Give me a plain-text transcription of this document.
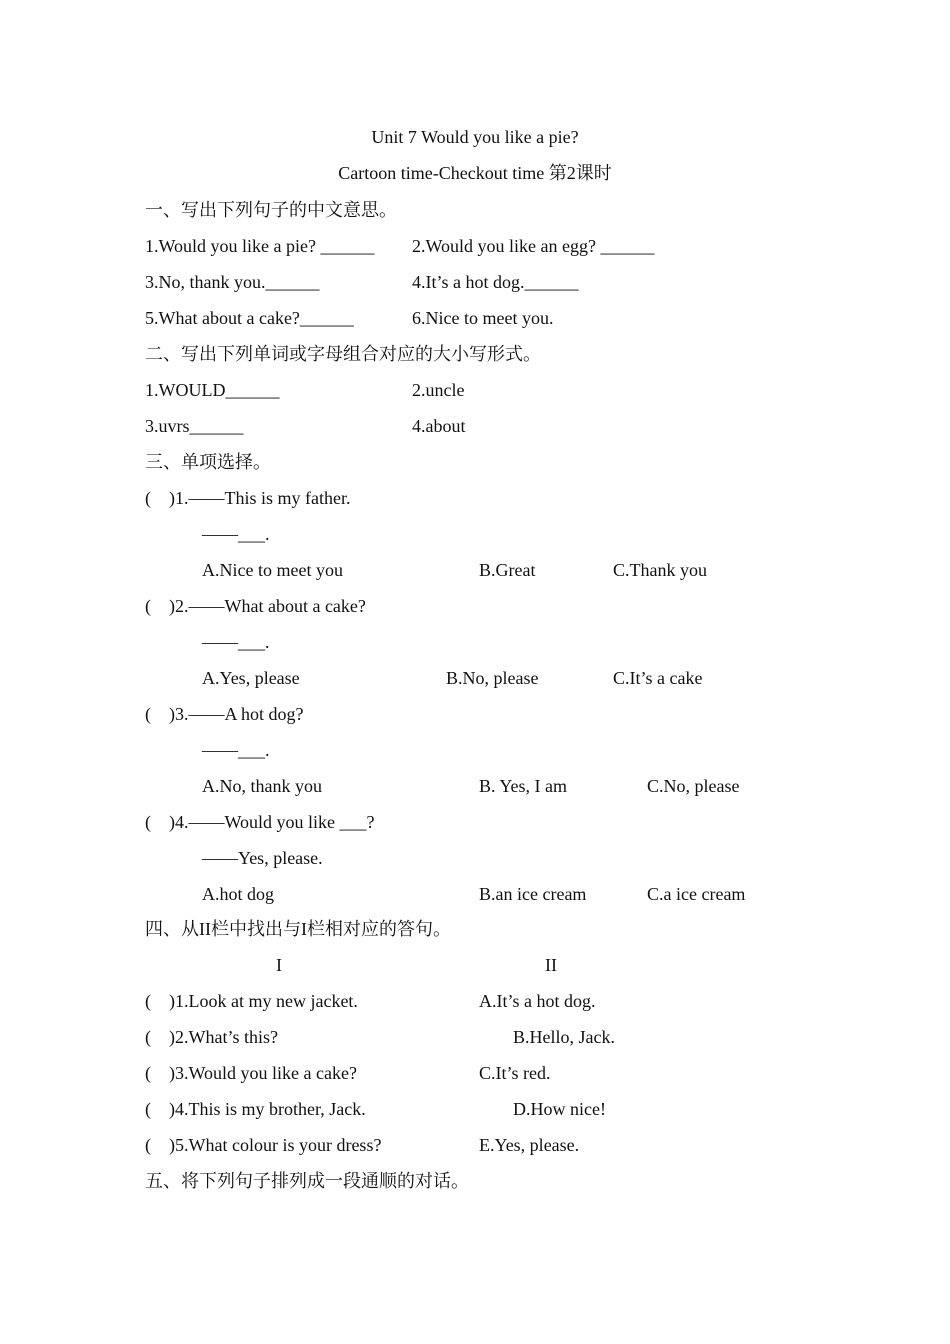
Unit 7 Would you like a pie?
Cartoon time-Checkout time 第2课时
一、写出下列句子的中文意思。
1.Would you like a pie? ______ 2.Would you like an egg? ______
3.No, thank you.______	4.It’s a hot dog.______
5.What about a cake?______	6.Nice to meet you.
二、写出下列单词或字母组合对应的大小写形式。
1.WOULD______	2.uncle
3.uvrs______	4.about
三、单项选择。
(    )1.——This is my father.
——___.
A.Nice to meet you	B.Great	C.Thank you
(    )2.——What about a cake?
——___.
A.Yes, please	B.No, please	C.It’s a cake
(    )3.——A hot dog?
——___.
A.No, thank you	B. Yes, I am	C.No, please
(    )4.——Would you like ___?
——Yes, please.
A.hot dog	B.an ice cream	C.a ice cream
四、从II栏中找出与I栏相对应的答句。
I	II
(    )1.Look at my new jacket.	A.It’s a hot dog.
(    )2.What’s this?	B.Hello, Jack.
(    )3.Would you like a cake?	C.It’s red.
(    )4.This is my brother, Jack.	D.How nice!
(    )5.What colour is your dress?	E.Yes, please.
五、将下列句子排列成一段通顺的对话。
